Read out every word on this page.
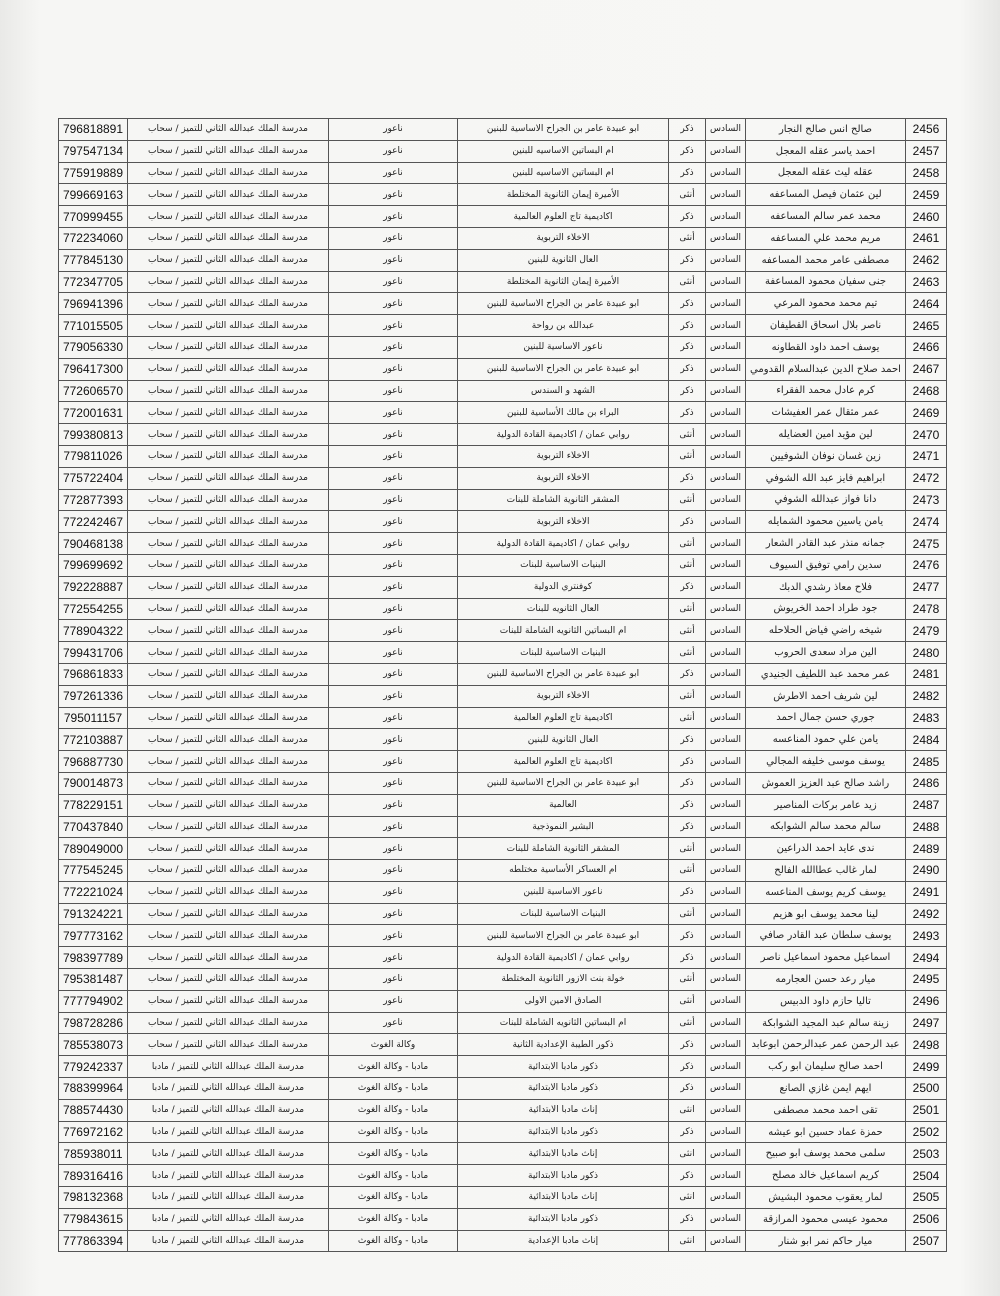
796818891	مدرسة الملك عبدالله الثاني للتميز / سحاب	ناعور	ابو عبيدة عامر بن الجراح الاساسية للبنين	ذكر	السادس	صالح انس صالح النجار	2456
797547134	مدرسة الملك عبدالله الثاني للتميز / سحاب	ناعور	ام البساتين الاساسيه للبنين	ذكر	السادس	احمد ياسر عقله المعجل	2457
775919889	مدرسة الملك عبدالله الثاني للتميز / سحاب	ناعور	ام البساتين الاساسيه للبنين	ذكر	السادس	عقله ليث عقله المعجل	2458
799669163	مدرسة الملك عبدالله الثاني للتميز / سحاب	ناعور	الأميرة إيمان الثانوية المختلطة	أنثى	السادس	لين عثمان فيصل المساعفه	2459
770999455	مدرسة الملك عبدالله الثاني للتميز / سحاب	ناعور	اكاديمية تاج العلوم العالمية	ذكر	السادس	محمد عمر سالم المساعفه	2460
772234060	مدرسة الملك عبدالله الثاني للتميز / سحاب	ناعور	الاخلاء التربوية	أنثى	السادس	مريم محمد علي المساعفه	2461
777845130	مدرسة الملك عبدالله الثاني للتميز / سحاب	ناعور	العال الثانوية للبنين	ذكر	السادس	مصطفى عامر محمد المساعفه	2462
772347705	مدرسة الملك عبدالله الثاني للتميز / سحاب	ناعور	الأميرة إيمان الثانوية المختلطة	أنثى	السادس	جنى سفيان محمود المساعفة	2463
796941396	مدرسة الملك عبدالله الثاني للتميز / سحاب	ناعور	ابو عبيدة عامر بن الجراح الاساسية للبنين	ذكر	السادس	تيم محمد محمود المرعي	2464
771015505	مدرسة الملك عبدالله الثاني للتميز / سحاب	ناعور	عبدالله بن رواحة	ذكر	السادس	ناصر بلال اسحاق القطيفان	2465
779056330	مدرسة الملك عبدالله الثاني للتميز / سحاب	ناعور	ناعور الاساسية للبنين	ذكر	السادس	يوسف احمد داود القطاونه	2466
796417300	مدرسة الملك عبدالله الثاني للتميز / سحاب	ناعور	ابو عبيدة عامر بن الجراح الاساسية للبنين	ذكر	السادس	احمد صلاح الدين عبدالسلام القدومي	2467
772606570	مدرسة الملك عبدالله الثاني للتميز / سحاب	ناعور	الشهد و السندس	ذكر	السادس	كرم عادل محمد الفقراء	2468
772001631	مدرسة الملك عبدالله الثاني للتميز / سحاب	ناعور	البراء بن مالك الأساسية للبنين	ذكر	السادس	عمر مثقال عمر العفيشات	2469
799380813	مدرسة الملك عبدالله الثاني للتميز / سحاب	ناعور	روابي عمان / اكاديمية القادة الدولية	أنثى	السادس	لين مؤيد امين العضايله	2470
779811026	مدرسة الملك عبدالله الثاني للتميز / سحاب	ناعور	الاخلاء التربوية	أنثى	السادس	زين غسان نوفان الشوفيين	2471
775722404	مدرسة الملك عبدالله الثاني للتميز / سحاب	ناعور	الاخلاء التربوية	ذكر	السادس	ابراهيم فايز عبد الله الشوفي	2472
772877393	مدرسة الملك عبدالله الثاني للتميز / سحاب	ناعور	المشقر الثانوية الشاملة للبنات	أنثى	السادس	دانا فواز عبدالله الشوفي	2473
772242467	مدرسة الملك عبدالله الثاني للتميز / سحاب	ناعور	الاخلاء التربوية	ذكر	السادس	يامن ياسين محمود الشمايله	2474
790468138	مدرسة الملك عبدالله الثاني للتميز / سحاب	ناعور	روابي عمان / اكاديمية القادة الدولية	أنثى	السادس	جمانه منذر عبد القادر الشعار	2475
799699692	مدرسة الملك عبدالله الثاني للتميز / سحاب	ناعور	البنيات الاساسية للبنات	أنثى	السادس	سدين رامي توفيق السيوف	2476
792228887	مدرسة الملك عبدالله الثاني للتميز / سحاب	ناعور	كوفنتري الدولية	ذكر	السادس	فلاح معاذ رشدي الدبك	2477
772554255	مدرسة الملك عبدالله الثاني للتميز / سحاب	ناعور	العال الثانويه للبنات	أنثى	السادس	جود طراد احمد الخريوش	2478
778904322	مدرسة الملك عبدالله الثاني للتميز / سحاب	ناعور	ام البساتين الثانويه الشاملة للبنات	أنثى	السادس	شيخه راضي فياض الحلاحله	2479
799431706	مدرسة الملك عبدالله الثاني للتميز / سحاب	ناعور	البنيات الاساسية للبنات	أنثى	السادس	الين مراد سعدى الحروب	2480
796861833	مدرسة الملك عبدالله الثاني للتميز / سحاب	ناعور	ابو عبيدة عامر بن الجراح الاساسية للبنين	ذكر	السادس	عمر محمد عبد اللطيف الجنيدي	2481
797261336	مدرسة الملك عبدالله الثاني للتميز / سحاب	ناعور	الاخلاء التربوية	أنثى	السادس	لين شريف احمد الاطرش	2482
795011157	مدرسة الملك عبدالله الثاني للتميز / سحاب	ناعور	اكاديمية تاج العلوم العالمية	أنثى	السادس	جوري حسن جمال احمد	2483
772103887	مدرسة الملك عبدالله الثاني للتميز / سحاب	ناعور	العال الثانوية للبنين	ذكر	السادس	يامن علي حمود المناعسه	2484
796887730	مدرسة الملك عبدالله الثاني للتميز / سحاب	ناعور	اكاديمية تاج العلوم العالمية	ذكر	السادس	يوسف موسى خليفه المجالي	2485
790014873	مدرسة الملك عبدالله الثاني للتميز / سحاب	ناعور	ابو عبيدة عامر بن الجراح الاساسية للبنين	ذكر	السادس	راشد صالح عبد العزيز العموش	2486
778229151	مدرسة الملك عبدالله الثاني للتميز / سحاب	ناعور	العالمية	ذكر	السادس	زيد عامر بركات المناصير	2487
770437840	مدرسة الملك عبدالله الثاني للتميز / سحاب	ناعور	البشير النموذجية	ذكر	السادس	سالم محمد سالم الشوابكه	2488
789049000	مدرسة الملك عبدالله الثاني للتميز / سحاب	ناعور	المشقر الثانوية الشاملة للبنات	أنثى	السادس	ندى عايد احمد الدراعين	2489
777545245	مدرسة الملك عبدالله الثاني للتميز / سحاب	ناعور	ام العساكر الأساسية مختلطه	أنثى	السادس	لمار غالب عطاالله الفالح	2490
772221024	مدرسة الملك عبدالله الثاني للتميز / سحاب	ناعور	ناعور الاساسية للبنين	ذكر	السادس	يوسف كريم يوسف المناعسه	2491
791324221	مدرسة الملك عبدالله الثاني للتميز / سحاب	ناعور	البنيات الاساسية للبنات	أنثى	السادس	لينا محمد يوسف ابو هزيم	2492
797773162	مدرسة الملك عبدالله الثاني للتميز / سحاب	ناعور	ابو عبيدة عامر بن الجراح الاساسية للبنين	ذكر	السادس	يوسف سلطان عبد القادر صافي	2493
798397789	مدرسة الملك عبدالله الثاني للتميز / سحاب	ناعور	روابي عمان / اكاديمية القادة الدولية	ذكر	السادس	اسماعيل محمود اسماعيل ناصر	2494
795381487	مدرسة الملك عبدالله الثاني للتميز / سحاب	ناعور	خولة بنت الازور الثانوية المختلطة	أنثى	السادس	ميار رعد حسن العجارمه	2495
777794902	مدرسة الملك عبدالله الثاني للتميز / سحاب	ناعور	الصادق الامين الاولى	أنثى	السادس	تاليا حازم داود الدبيس	2496
798728286	مدرسة الملك عبدالله الثاني للتميز / سحاب	ناعور	ام البساتين الثانويه الشاملة للبنات	أنثى	السادس	زينة سالم عبد المجيد الشوابكة	2497
785538073	مدرسة الملك عبدالله الثاني للتميز / سحاب	وكالة الغوث	ذكور الطيبة الإعدادية الثانية	ذكر	السادس	عبد الرحمن عمر عبدالرحمن ابوعابد	2498
779242337	مدرسة الملك عبدالله الثاني للتميز / مادبا	مادبا - وكالة الغوث	ذكور مادبا الابتدائية	ذكر	السادس	احمد صالح سليمان ابو ركب	2499
788399964	مدرسة الملك عبدالله الثاني للتميز / مادبا	مادبا - وكالة الغوث	ذكور مادبا الابتدائية	ذكر	السادس	ايهم ايمن غازي الصانع	2500
788574430	مدرسة الملك عبدالله الثاني للتميز / مادبا	مادبا - وكالة الغوث	إناث مادبا الابتدائية	انثى	السادس	تقى احمد محمد مصطفى	2501
776972162	مدرسة الملك عبدالله الثاني للتميز / مادبا	مادبا - وكالة الغوث	ذكور مادبا الابتدائية	ذكر	السادس	حمزة عماد حسين ابو عيشه	2502
785938011	مدرسة الملك عبدالله الثاني للتميز / مادبا	مادبا - وكالة الغوث	إناث مادبا الابتدائية	انثى	السادس	سلمى محمد يوسف ابو صبيح	2503
789316416	مدرسة الملك عبدالله الثاني للتميز / مادبا	مادبا - وكالة الغوث	ذكور مادبا الابتدائية	ذكر	السادس	كريم اسماعيل خالد مصلح	2504
798132368	مدرسة الملك عبدالله الثاني للتميز / مادبا	مادبا - وكالة الغوث	إناث مادبا الابتدائية	انثى	السادس	لمار يعقوب محمود البشيش	2505
779843615	مدرسة الملك عبدالله الثاني للتميز / مادبا	مادبا - وكالة الغوث	ذكور مادبا الابتدائية	ذكر	السادس	محمود عيسى محمود المرازقة	2506
777863394	مدرسة الملك عبدالله الثاني للتميز / مادبا	مادبا - وكالة الغوث	إناث مادبا الإعدادية	انثى	السادس	ميار حاكم نمر ابو شنار	2507
